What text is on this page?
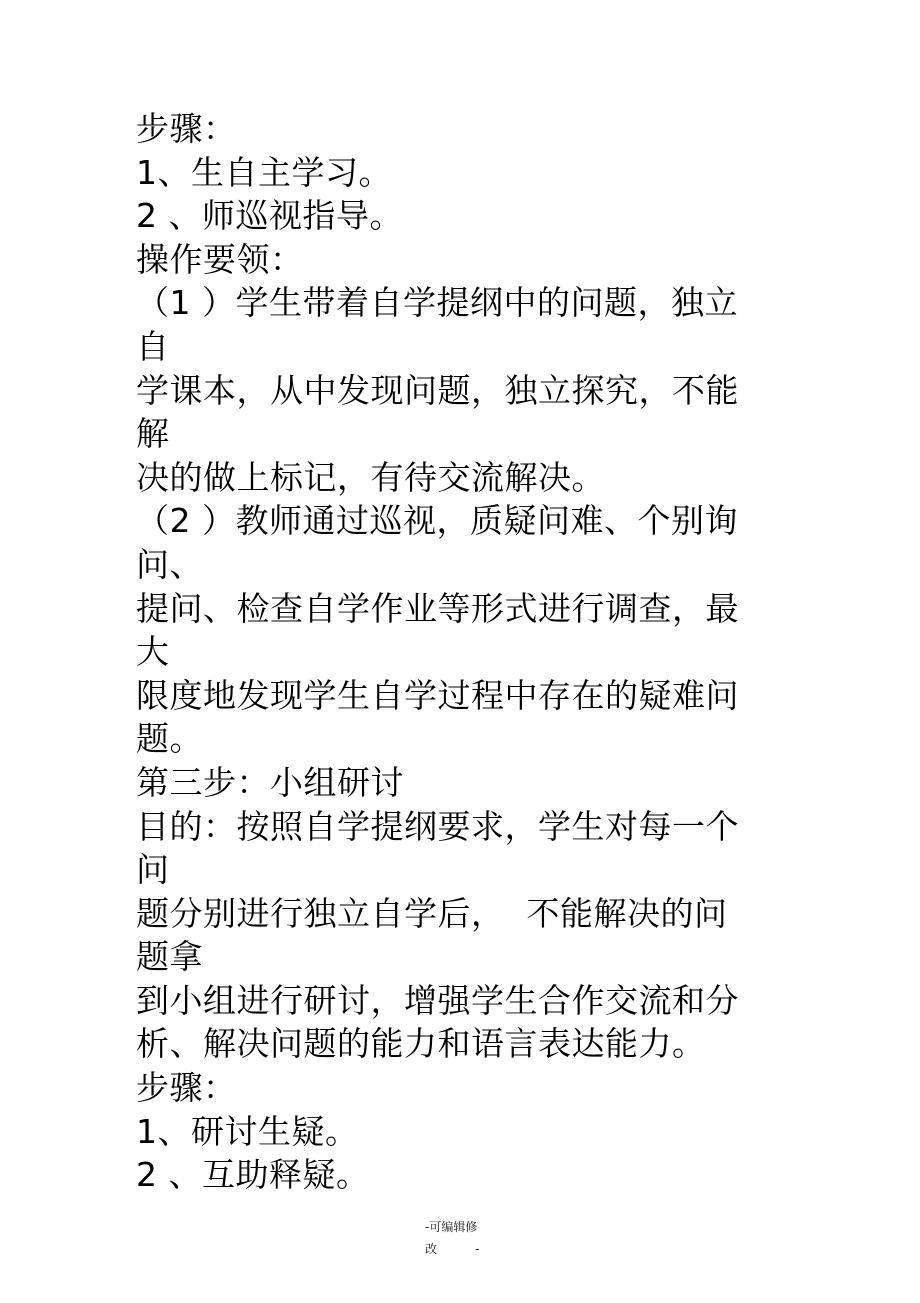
步骤：
1、生自主学习。
2 、师巡视指导。
操作要领：
（1 ）学生带着自学提纲中的问题，独立
自
学课本，从中发现问题，独立探究，不能
解
决的做上标记，有待交流解决。
（2 ）教师通过巡视，质疑问难、个别询
问、
提问、检查自学作业等形式进行调查，最
大
限度地发现学生自学过程中存在的疑难问
题。
第三步：小组研讨
目的：按照自学提纲要求，学生对每一个
问
题分别进行独立自学后，  不能解决的问
题拿
到小组进行研讨，增强学生合作交流和分
析、解决问题的能力和语言表达能力。
步骤：
1、研讨生疑。
2 、互助释疑。
-可编辑修
改          -
